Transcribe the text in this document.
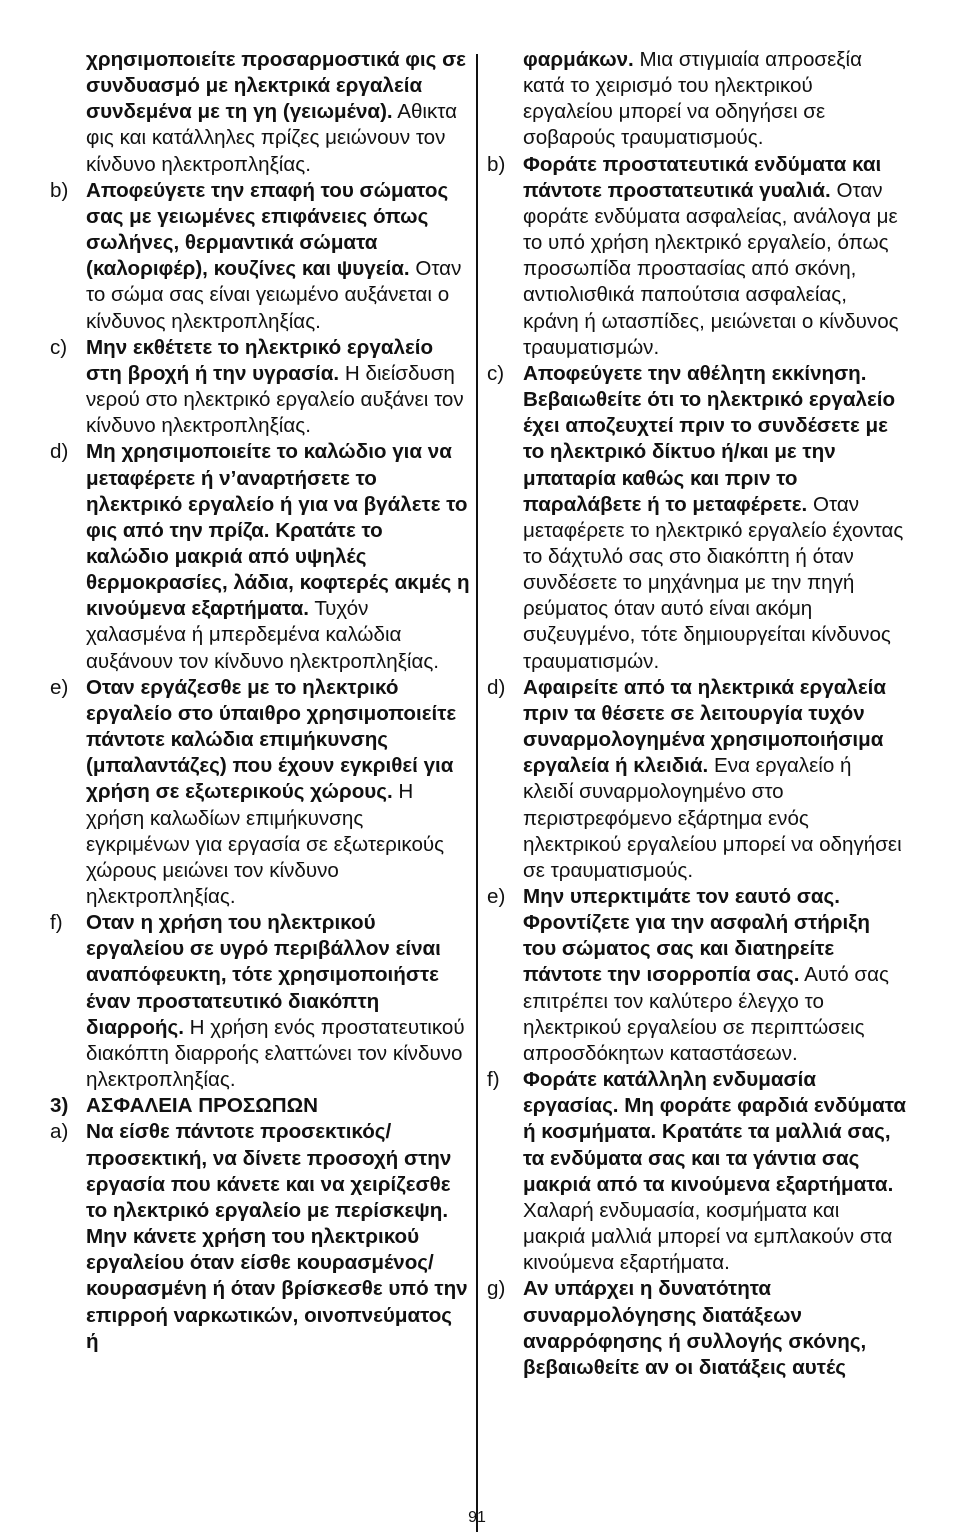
χρησιμοποιείτε προσαρμοστικά φις σε συνδυασμό με ηλεκτρικά εργαλεία συνδεμένα με τη γη (γειωμένα). Αθικτα φις και κατάλληλες πρίζες μειώνουν τον κίνδυνο ηλεκτροπληξίας.
b) Αποφεύγετε την επαφή του σώματος σας με γειωμένες επιφάνειες όπως σωλήνες, θερμαντικά σώματα (καλοριφέρ), κουζίνες και ψυγεία. Οταν το σώμα σας είναι γειωμένο αυξάνεται ο κίνδυνος ηλεκτροπληξίας.
c) Μην εκθέτετε το ηλεκτρικό εργαλείο στη βροχή ή την υγρασία. Η διείσδυση νερού στο ηλεκτρικό εργαλείο αυξάνει τον κίνδυνο ηλεκτροπληξίας.
d) Μη χρησιμοποιείτε το καλώδιο για να μεταφέρετε ή ν’αναρτήσετε το ηλεκτρικό εργαλείο ή για να βγάλετε το φις από την πρίζα. Κρατάτε το καλώδιο μακριά από υψηλές θερμοκρασίες, λάδια, κοφτερές ακμές η κινούμενα εξαρτήματα. Τυχόν χαλασμένα ή μπερδεμένα καλώδια αυξάνουν τον κίνδυνο ηλεκτροπληξίας.
e) Οταν εργάζεσθε με το ηλεκτρικό εργαλείο στο ύπαιθρο χρησιμοποιείτε πάντοτε καλώδια επιμήκυνσης (μπαλαντάζες) που έχουν εγκριθεί για χρήση σε εξωτερικούς χώρους. Η χρήση καλωδίων επιμήκυνσης εγκριμένων για εργασία σε εξωτερικούς χώρους μειώνει τον κίνδυνο ηλεκτροπληξίας.
f)	Οταν η χρήση του ηλεκτρικού εργαλείου σε υγρό περιβάλλον είναι αναπόφευκτη, τότε χρησιμοποιήστε έναν προστατευτικό διακόπτη διαρροής. Η χρήση ενός προστατευτικού διακόπτη διαρροής ελαττώνει τον κίνδυνο ηλεκτροπληξίας.
3) ΑΣΦΑΛΕΙΑ ΠΡΟΣΩΠΩΝ
a) Να είσθε πάντοτε προσεκτικός/ προσεκτική, να δίνετε προσοχή στην εργασία που κάνετε και να χειρίζεσθε το ηλεκτρικό εργαλείο με περίσκεψη. Μην κάνετε χρήση του ηλεκτρικού εργαλείου όταν είσθε κουρασμένος/κουρασμένη ή όταν βρίσκεσθε υπό την επιρροή ναρκωτικών, οινοπνεύματος ή
φαρμάκων. Μια στιγμιαία απροσεξία κατά το χειρισμό του ηλεκτρικού εργαλείου μπορεί να οδηγήσει σε σοβαρούς τραυματισμούς.
b) Φοράτε προστατευτικά ενδύματα και πάντοτε προστατευτικά γυαλιά. Οταν φοράτε ενδύματα ασφαλείας, ανάλογα με το υπό χρήση ηλεκτρικό εργαλείο, όπως προσωπίδα προστασίας από σκόνη, αντιολισθικά παπούτσια ασφαλείας, κράνη ή ωτασπίδες, μειώνεται ο κίνδυνος τραυματισμών.
c) Αποφεύγετε την αθέλητη εκκίνηση. Βεβαιωθείτε ότι το ηλεκτρικό εργαλείο έχει αποζευχτεί πριν το συνδέσετε με το ηλεκτρικό δίκτυο ή/και με την μπαταρία καθώς και πριν το παραλάβετε ή το μεταφέρετε. Οταν μεταφέρετε το ηλεκτρικό εργαλείο έχοντας το δάχτυλό σας στο διακόπτη ή όταν συνδέσετε το μηχάνημα με την πηγή ρεύματος όταν αυτό είναι ακόμη συζευγμένο, τότε δημιουργείται κίνδυνος τραυματισμών.
d) Αφαιρείτε από τα ηλεκτρικά εργαλεία πριν τα θέσετε σε λειτουργία τυχόν συναρμολογημένα χρησιμοποιήσιμα εργαλεία ή κλειδιά. Ενα εργαλείο ή κλειδί συναρμολογημένο στο περιστρεφόμενο εξάρτημα ενός ηλεκτρικού εργαλείου μπορεί να οδηγήσει σε τραυματισμούς.
e) Μην υπερκτιμάτε τον εαυτό σας. Φροντίζετε για την ασφαλή στήριξη του σώματος σας και διατηρείτε πάντοτε την ισορροπία σας. Αυτό σας επιτρέπει τον καλύτερο έλεγχο το ηλεκτρικού εργαλείου σε περιπτώσεις απροσδόκητων καταστάσεων.
f)	Φοράτε κατάλληλη ενδυμασία εργασίας. Μη φοράτε φαρδιά ενδύματα ή κοσμήματα. Κρατάτε τα μαλλιά σας, τα ενδύματα σας και τα γάντια σας μακριά από τα κινούμενα εξαρτήματα. Χαλαρή ενδυμασία, κοσμήματα και μακριά μαλλιά μπορεί να εμπλακούν στα κινούμενα εξαρτήματα.
g) Αν υπάρχει η δυνατότητα συναρμολόγησης διατάξεων αναρρόφησης ή συλλογής σκόνης, βεβαιωθείτε αν οι διατάξεις αυτές
91
